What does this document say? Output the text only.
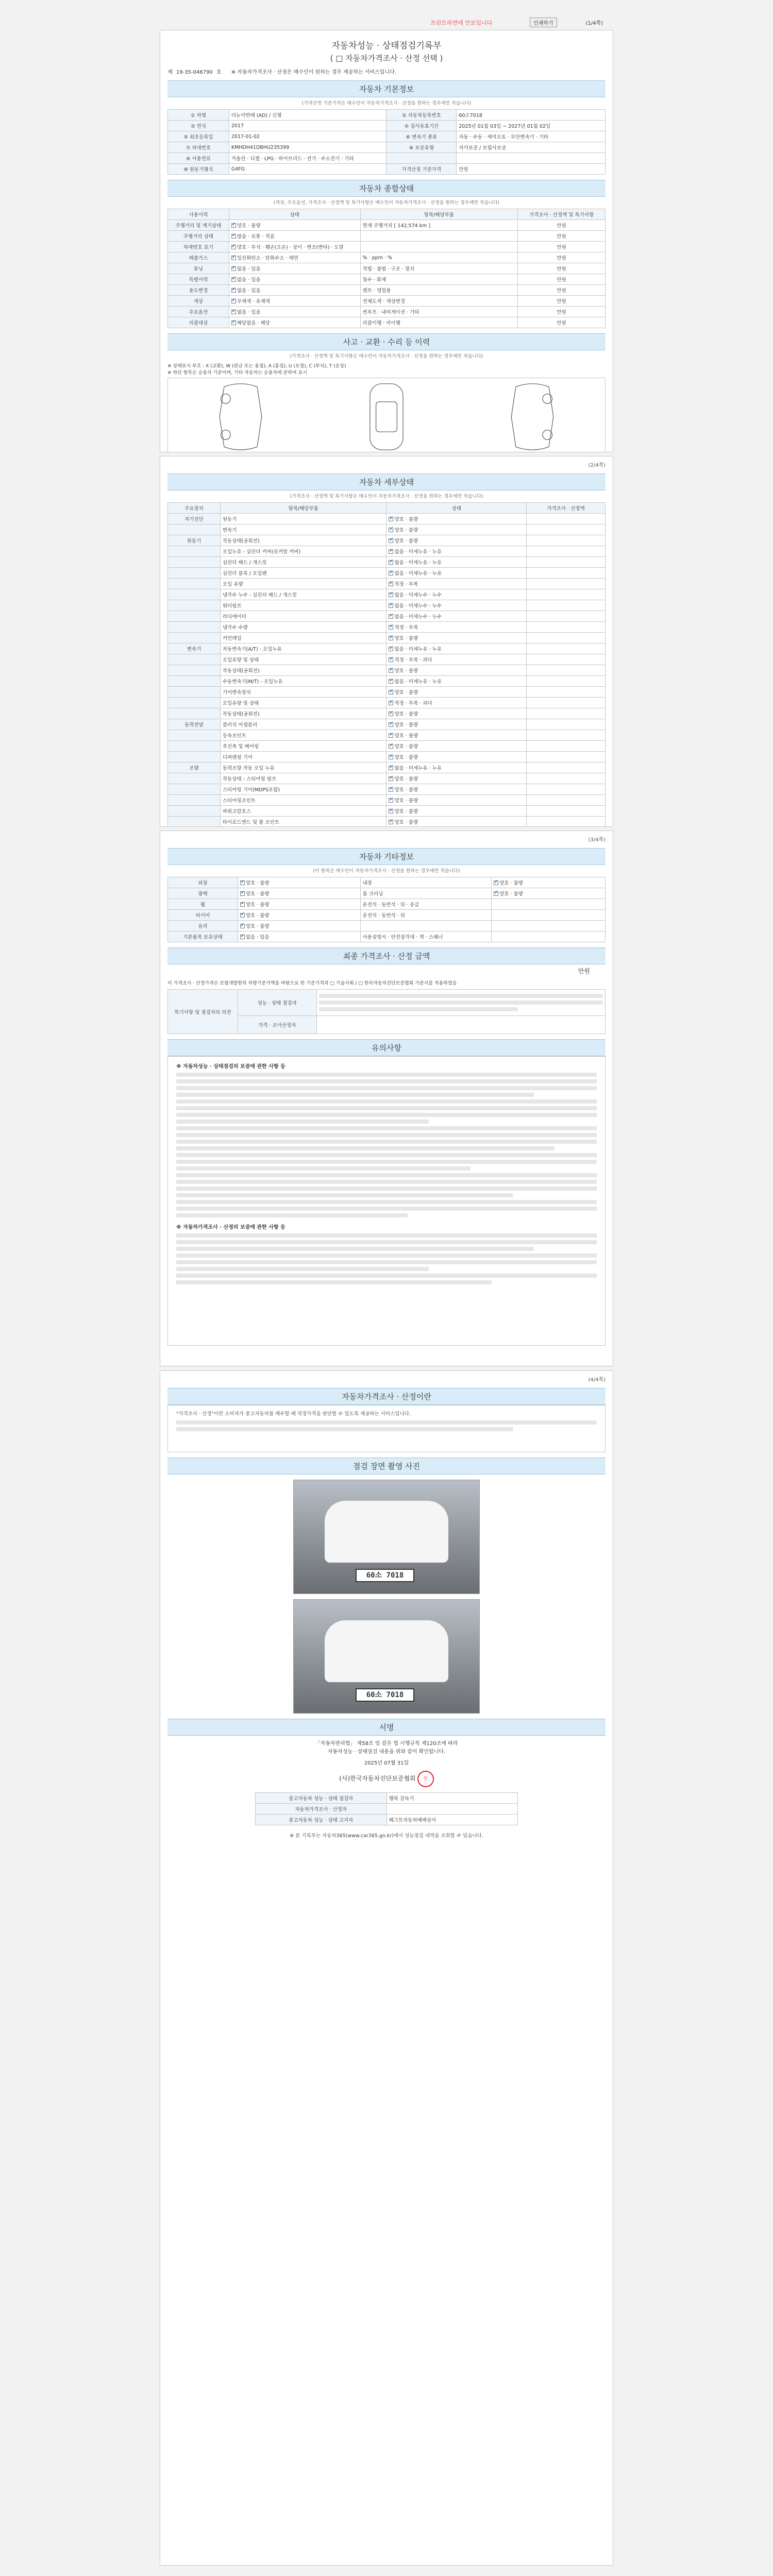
프린트하면에 안보입니다	인쇄하기	(1/4쪽)
자동차성능 · 상태점검기록부
( □ 자동차가격조사 · 산정 선택 )
제 19-35-046790 호 ※ 자동차가격조사 · 산정은 매수인이 원하는 경우 제공하는 서비스입니다.
자동차 기본정보
(가격산정 기준가격은 매수인이 자동차가격조사 · 산정을 원하는 경우에만 적습니다)
① 차명	더뉴아반떼 (AD) / 신형	② 자동차등록번호	60소7018
③ 연식	2017	④ 검사유효기간	2025년 01월 03일 ~ 2027년 01월 02일
⑤ 최초등록일	2017-01-02	⑥ 변속기 종류	자동 · 수동 · 세미오토 · 무단변속기 · 기타
⑦ 차대번호	KMHDH41DBHU235399	⑧ 보증유형	자가보증 / 보험사보증
⑨ 사용연료	가솔린 · 디젤 · LPG · 하이브리드 · 전기 · 수소전기 · 기타		
⑩ 원동기형식	G4FG	가격산정 기준가격	만원
자동차 종합상태
(색상, 주요옵션, 가격조사 · 산정액 및 특기사항은 매수인이 자동차가격조사 · 산정을 원하는 경우에만 적습니다)
사용이력	상태	항목/해당부품	가격조사 · 산정액 및 특기사항
주행거리 및 계기상태	✔양호 · 불량	현재 주행거리 [ 142,574 km ]	만원
주행거리 상태	✔많음 · 보통 · 적음		만원
차대번호 표기	✔양호 · 부식 · 훼손(오손) · 상이 · 변조(변타) · 도말		만원
배출가스	✔일산화탄소 · 탄화수소 · 매연	% · ppm · %	만원
튜닝	✔없음 · 있음	적법 · 불법 · 구조 · 장치	만원
특별이력	✔없음 · 있음	침수 · 화재	만원
용도변경	✔없음 · 있음	렌트 · 영업용	만원
색상	✔무채색 · 유채색	전체도색 · 색상변경	만원
주요옵션	✔없음 · 있음	썬루프 · 내비게이션 · 기타	만원
리콜대상	✔해당없음 · 해당	리콜이행 · 미이행	만원
사고 · 교환 · 수리 등 이력
(가격조사 · 산정액 및 특기사항은 매수인이 자동차가격조사 · 산정을 원하는 경우에만 적습니다)
※ 상태표시 부호 : X (교환), W (판금 또는 용접), A (흠집), U (요철), C (부식), T (손상)
※ 하단 항목은 승용차 기준이며, 기타 자동차는 승용차에 준하여 표시

(2/4쪽)
자동차 세부상태
(가격조사 · 산정액 및 특기사항은 매수인이 자동차가격조사 · 산정을 원하는 경우에만 적습니다)
주요장치	항목/해당부품	상태	가격조사 · 산정액
자기진단	원동기	✔양호 · 불량	
	변속기	✔양호 · 불량	
원동기	작동상태(공회전)	✔양호 · 불량	
	오일누유 - 실린더 커버(로커암 커버)	✔없음 · 미세누유 · 누유	
	실린더 헤드 / 개스킷	✔없음 · 미세누유 · 누유	
	실린더 블록 / 오일팬	✔없음 · 미세누유 · 누유	
	오일 유량	✔적정 · 부족	
	냉각수 누수 - 실린더 헤드 / 개스킷	✔없음 · 미세누수 · 누수	
	워터펌프	✔없음 · 미세누수 · 누수	
	라디에이터	✔없음 · 미세누수 · 누수	
	냉각수 수량	✔적정 · 부족	
	커먼레일	✔양호 · 불량	
변속기	자동변속기(A/T) - 오일누유	✔없음 · 미세누유 · 누유	
	오일유량 및 상태	✔적정 · 부족 · 과다	
	작동상태(공회전)	✔양호 · 불량	
	수동변속기(M/T) - 오일누유	✔없음 · 미세누유 · 누유	
	기어변속장치	✔양호 · 불량	
	오일유량 및 상태	✔적정 · 부족 · 과다	
	작동상태(공회전)	✔양호 · 불량	
동력전달	클러치 어셈블리	✔양호 · 불량	
	등속조인트	✔양호 · 불량	
	추진축 및 베어링	✔양호 · 불량	
	디퍼렌셜 기어	✔양호 · 불량	
조향	동력조향 작동 오일 누유	✔없음 · 미세누유 · 누유	
	작동상태 - 스티어링 펌프	✔양호 · 불량	
	스티어링 기어(MDPS포함)	✔양호 · 불량	
	스티어링조인트	✔양호 · 불량	
	파워고압호스	✔양호 · 불량	
	타이로드엔드 및 볼 조인트	✔양호 · 불량	

(3/4쪽)
자동차 기타정보
(이 항목은 매수인이 자동차가격조사 · 산정을 원하는 경우에만 적습니다)
외장	✔양호 · 불량	내장	✔양호 · 불량
광택	✔양호 · 불량	룸 크리닝	✔양호 · 불량
휠	✔양호 · 불량	운전석 · 동반석 · 뒤 · 응급	
타이어	✔양호 · 불량	운전석 · 동반석 · 뒤	
유리	✔양호 · 불량		
기본품목 보유상태	✔없음 · 있음	사용설명서 · 안전삼각대 · 잭 · 스패너	
최종 가격조사 · 산정 금액
만원
이 가격조사 · 산정가격은 보험개발원의 차량기준가액을 바탕으로 한 기준가격과 □ 기술사회 / □ 한국자동차진단보증협회 기준서를 적용하였음
특기사항 및 점검자의 의견	성능 · 상태 점검자	

	가격 · 조사산정자	
유의사항
※ 자동차성능 · 상태점검의 보증에 관한 사항 등
※ 자동차가격조사 · 산정의 보증에 관한 사항 등
(4/4쪽)
자동차가격조사 · 산정이란
"가격조사 · 산정"이란 소비자가 중고자동차를 매수할 때 적정가격을 판단할 수 있도록 제공하는 서비스입니다.
점검 장면 촬영 사진
60소 7018
60소 7018
서명
「자동차관리법」 제58조 및 같은 법 시행규칙 제120조에 따라
자동차성능 · 상태점검 내용을 위와 같이 확인합니다.
2025년 07월 31일
(사)한국자동차진단보증협회 인
중고자동차 성능 · 상태 점검자	행복 감독기
자동차가격조사 · 산정자	
중고자동차 성능 · 상태 고지자	해그트자동차매매상사
※ 본 기록부는 자동차365(www.car365.go.kr)에서 성능점검 내역을 조회할 수 있습니다.
